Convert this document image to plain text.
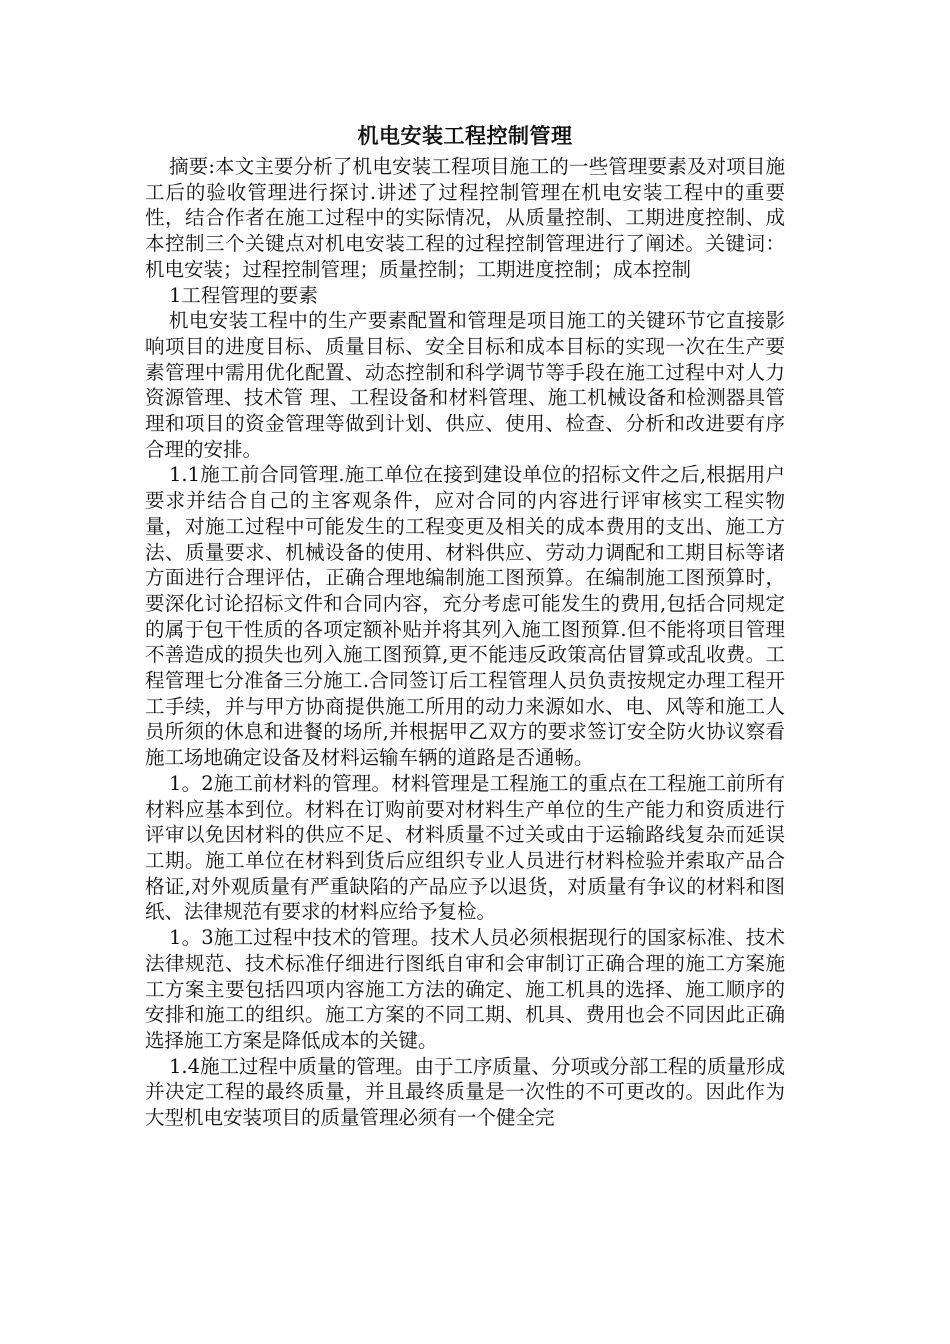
机电安装工程控制管理

摘要:本文主要分析了机电安装工程项目施工的一些管理要素及对项目施工后的验收管理进行探讨.讲述了过程控制管理在机电安装工程中的重要性，结合作者在施工过程中的实际情况，从质量控制、工期进度控制、成本控制三个关键点对机电安装工程的过程控制管理进行了阐述。关键词：机电安装；过程控制管理；质量控制；工期进度控制；成本控制

1工程管理的要素

机电安装工程中的生产要素配置和管理是项目施工的关键环节它直接影响项目的进度目标、质量目标、安全目标和成本目标的实现一次在生产要素管理中需用优化配置、动态控制和科学调节等手段在施工过程中对人力资源管理、技术管 理、工程设备和材料管理、施工机械设备和检测器具管理和项目的资金管理等做到计划、供应、使用、检查、分析和改进要有序合理的安排。

1.1施工前合同管理.施工单位在接到建设单位的招标文件之后,根据用户要求并结合自己的主客观条件，应对合同的内容进行评审核实工程实物量，对施工过程中可能发生的工程变更及相关的成本费用的支出、施工方法、质量要求、机械设备的使用、材料供应、劳动力调配和工期目标等诸方面进行合理评估，正确合理地编制施工图预算。在编制施工图预算时，要深化讨论招标文件和合同内容，充分考虑可能发生的费用,包括合同规定的属于包干性质的各项定额补贴并将其列入施工图预算.但不能将项目管理不善造成的损失也列入施工图预算,更不能违反政策高估冒算或乱收费。工程管理七分准备三分施工.合同签订后工程管理人员负责按规定办理工程开工手续，并与甲方协商提供施工所用的动力来源如水、电、风等和施工人员所须的休息和进餐的场所,并根据甲乙双方的要求签订安全防火协议察看施工场地确定设备及材料运输车辆的道路是否通畅。

1。2施工前材料的管理。材料管理是工程施工的重点在工程施工前所有材料应基本到位。材料在订购前要对材料生产单位的生产能力和资质进行评审以免因材料的供应不足、材料质量不过关或由于运输路线复杂而延误工期。施工单位在材料到货后应组织专业人员进行材料检验并索取产品合格证,对外观质量有严重缺陷的产品应予以退货，对质量有争议的材料和图纸、法律规范有要求的材料应给予复检。

1。3施工过程中技术的管理。技术人员必须根据现行的国家标准、技术法律规范、技术标准仔细进行图纸自审和会审制订正确合理的施工方案施工方案主要包括四项内容施工方法的确定、施工机具的选择、施工顺序的安排和施工的组织。施工方案的不同工期、机具、费用也会不同因此正确选择施工方案是降低成本的关键。

1.4施工过程中质量的管理。由于工序质量、分项或分部工程的质量形成并决定工程的最终质量，并且最终质量是一次性的不可更改的。因此作为大型机电安装项目的质量管理必须有一个健全完
